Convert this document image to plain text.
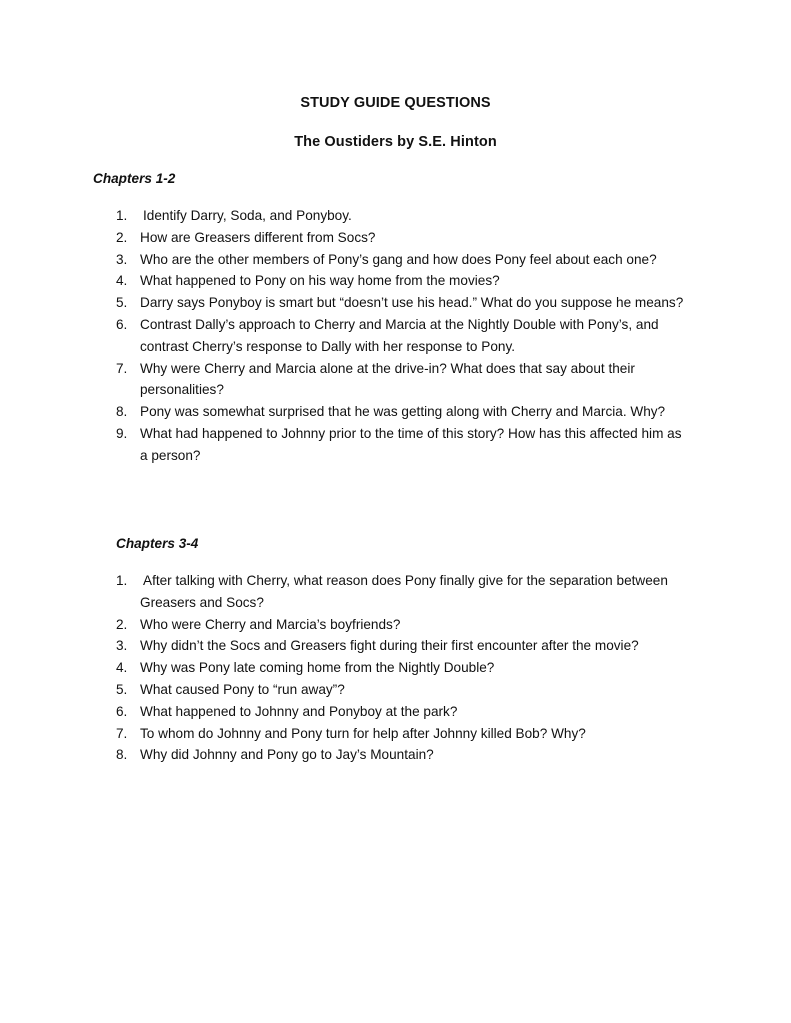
STUDY GUIDE QUESTIONS
The Oustiders by S.E. Hinton
Chapters 1-2
1.	Identify Darry, Soda, and Ponyboy.
2. How are Greasers different from Socs?
3. Who are the other members of Pony’s gang and how does Pony feel about each one?
4. What happened to Pony on his way home from the movies?
5. Darry says Ponyboy is smart but “doesn’t use his head.” What do you suppose he means?
6. Contrast Dally’s approach to Cherry and Marcia at the Nightly Double with Pony’s, and contrast Cherry’s response to Dally with her response to Pony.
7. Why were Cherry and Marcia alone at the drive-in? What does that say about their personalities?
8. Pony was somewhat surprised that he was getting along with Cherry and Marcia. Why?
9. What had happened to Johnny prior to the time of this story? How has this affected him as a person?
Chapters 3-4
1.	After talking with Cherry, what reason does Pony finally give for the separation between Greasers and Socs?
2. Who were Cherry and Marcia’s boyfriends?
3. Why didn’t the Socs and Greasers fight during their first encounter after the movie?
4. Why was Pony late coming home from the Nightly Double?
5. What caused Pony to “run away”?
6. What happened to Johnny and Ponyboy at the park?
7. To whom do Johnny and Pony turn for help after Johnny killed Bob? Why?
8. Why did Johnny and Pony go to Jay’s Mountain?
